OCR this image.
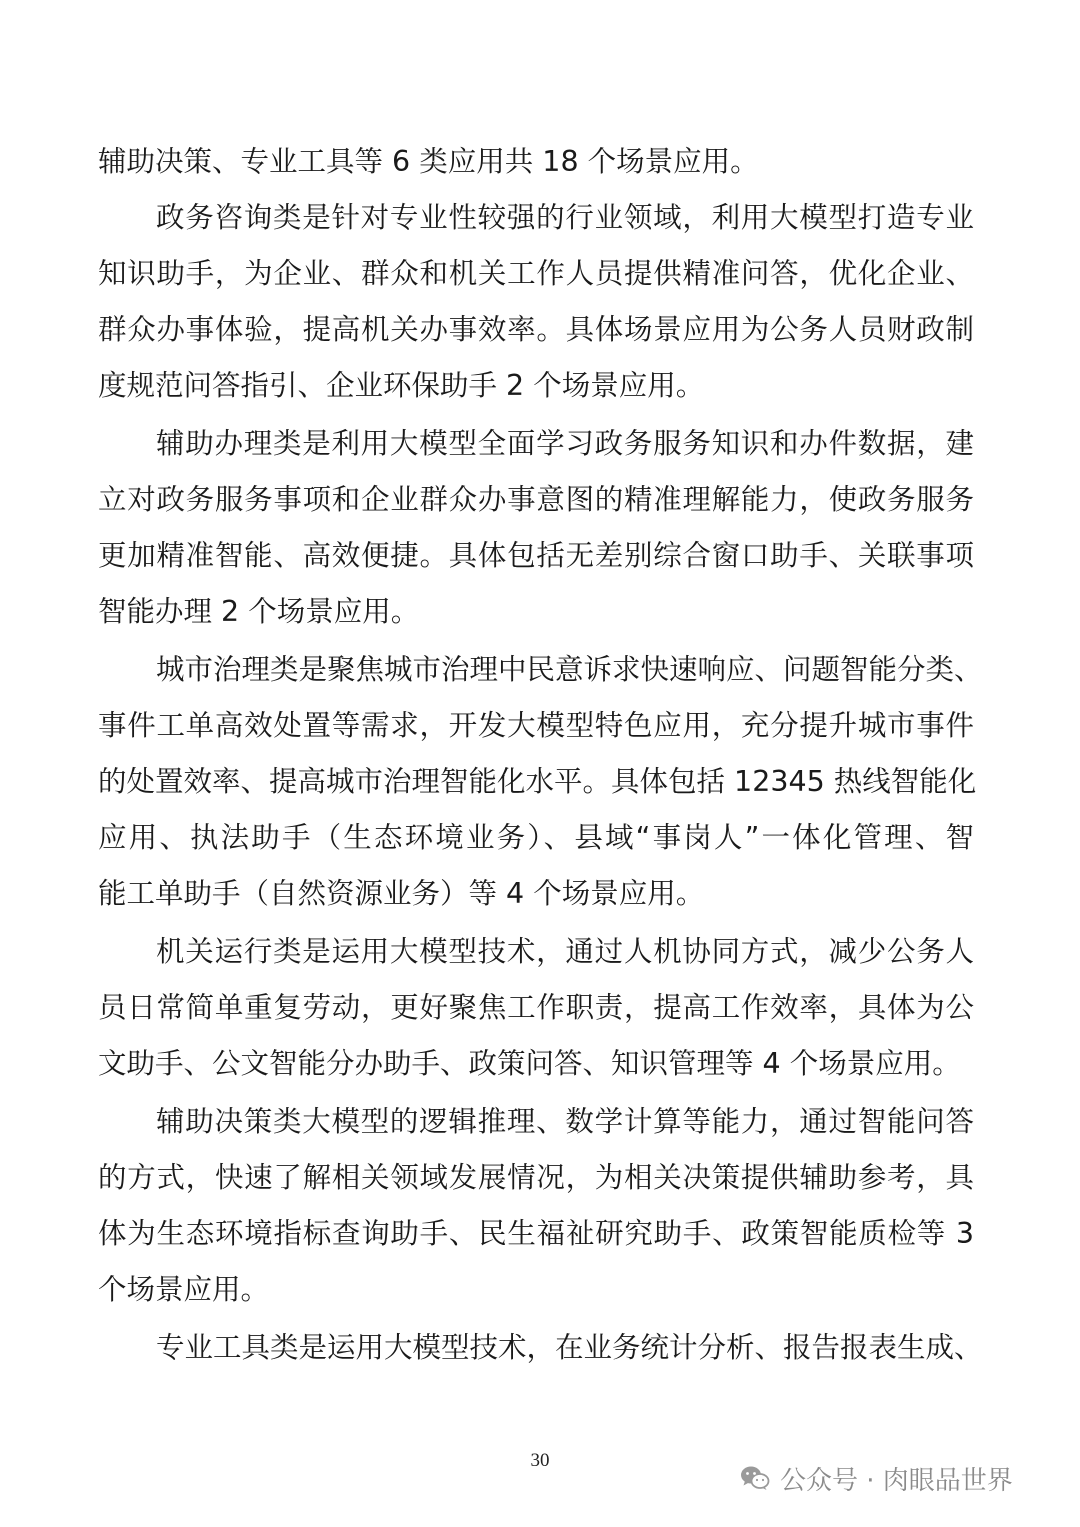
辅助决策、专业工具等 6 类应用共 18 个场景应用。
政务咨询类是针对专业性较强的行业领域，利用大模型打造专业
知识助手，为企业、群众和机关工作人员提供精准问答，优化企业、
群众办事体验，提高机关办事效率。具体场景应用为公务人员财政制
度规范问答指引、企业环保助手 2 个场景应用。
辅助办理类是利用大模型全面学习政务服务知识和办件数据，建
立对政务服务事项和企业群众办事意图的精准理解能力，使政务服务
更加精准智能、高效便捷。具体包括无差别综合窗口助手、关联事项
智能办理 2 个场景应用。
城市治理类是聚焦城市治理中民意诉求快速响应、问题智能分类、
事件工单高效处置等需求，开发大模型特色应用，充分提升城市事件
的处置效率、提高城市治理智能化水平。具体包括 12345 热线智能化
应用、执法助手（生态环境业务）、县域“事岗人”一体化管理、智
能工单助手（自然资源业务）等 4 个场景应用。
机关运行类是运用大模型技术，通过人机协同方式，减少公务人
员日常简单重复劳动，更好聚焦工作职责，提高工作效率，具体为公
文助手、公文智能分办助手、政策问答、知识管理等 4 个场景应用。
辅助决策类大模型的逻辑推理、数学计算等能力，通过智能问答
的方式，快速了解相关领域发展情况，为相关决策提供辅助参考，具
体为生态环境指标查询助手、民生福祉研究助手、政策智能质检等 3
个场景应用。
专业工具类是运用大模型技术，在业务统计分析、报告报表生成、
30
公众号 · 肉眼品世界
